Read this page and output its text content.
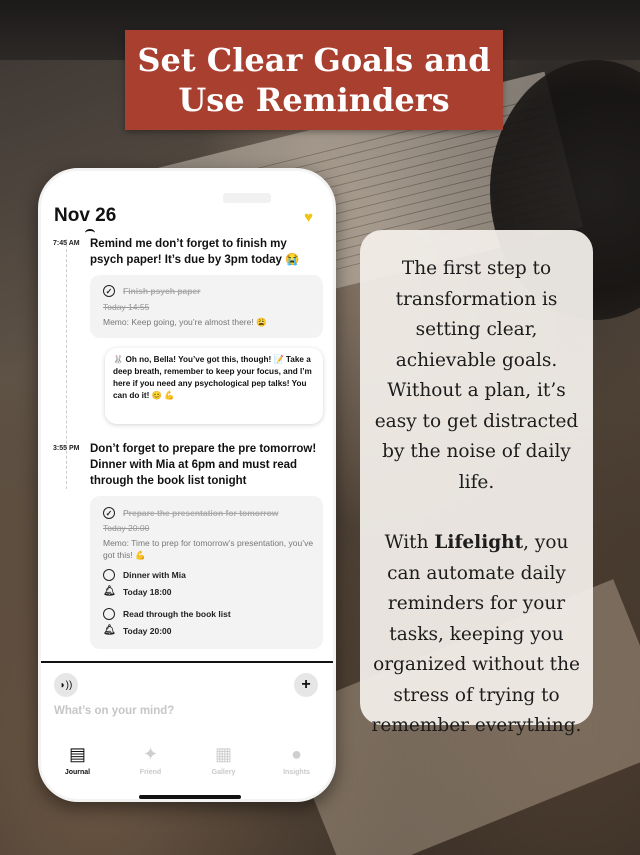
Set Clear Goals and
Use Reminders

The first step to transformation is setting clear, achievable goals. Without a plan, it’s easy to get distracted by the noise of daily life.

With Lifelight, you can automate daily reminders for your tasks, keeping you organized without the stress of trying to remember everything.

Nov 26	♥
7:45 AM Remind me don’t forget to finish my psych paper! It’s due by 3pm today 😭
✓	Finish psych paper
Today 14:55
Memo: Keep going, you’re almost there! 😩
🐰 Oh no, Bella! You’ve got this, though! 📝 Take a deep breath, remember to keep your focus, and I’m here if you need any psychological pep talks! You can do it! 😊 💪
3:55 PM Don’t forget to prepare the pre tomorrow! Dinner with Mia at 6pm and must read through the book list tonight
✓	Prepare the presentation for tomorrow
Today 20:00
Memo: Time to prep for tomorrow’s presentation, you’ve got this! 💪
Dinner with Mia
🔔︎ Today 18:00
Read through the book list
🔔︎ Today 20:00
◗))	+
What’s on your mind?
▤
Journal
✦
Friend
▦
Gallery
●
Insights
